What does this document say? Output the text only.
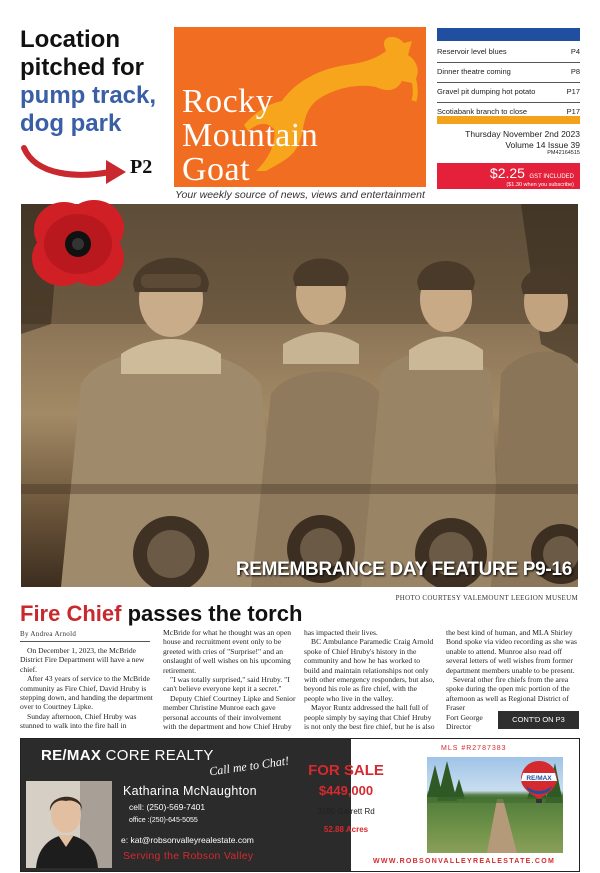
Location
pitched for
pump track,
dog park
P2
Rocky
Mountain
Goat
Your weekly source of news, views and entertainment
Reservoir level blues	P4
Dinner theatre coming	P8
Gravel pit dumping hot potato	P17
Scotiabank branch to close	P17
Thursday November 2nd 2023
Volume 14 Issue 39
PM42164515
$2.25 GST INCLUDED
($1.30 when you subscribe)
REMEMBRANCE DAY FEATURE P9-16
PHOTO COURTESY VALEMOUNT LEEGION MUSEUM
Fire Chief passes the torch
By Andrea Arnold

On December 1, 2023, the McBride District Fire Department will have a new chief.

After 43 years of service to the McBride community as Fire Chief, David Hruby is stepping down, and handing the department over to Courtney Lipke.

Sunday afternoon, Chief Hruby was stunned to walk into the fire hall in

McBride for what he thought was an open house and recruitment event only to be greeted with cries of "Surprise!" and an onslaught of well wishes on his upcoming retirement.

"I was totally surprised," said Hruby. "I can't believe everyone kept it a secret."

Deputy Chief Courtney Lipke and Senior member Christine Munroe each gave personal accounts of their involvement with the department and how Chief Hruby

has impacted their lives.

BC Ambulance Paramedic Craig Arnold spoke of Chief Hruby's history in the community and how he has worked to build and maintain relationships not only with other emergency responders, but also, beyond his role as fire chief, with the people who live in the valley.

Mayor Runtz addressed the hall full of people simply by saying that Chief Hruby is not only the best fire chief, but he is also

the best kind of human, and MLA Shirley Bond spoke via video recording as she was unable to attend. Munroe also read off several letters of well wishes from former department members unable to be present.

Several other fire chiefs from the area spoke during the open mic portion of the afternoon as well as Regional District of Fraser

Fort George

Director

CONT'D ON P3
RE/MAX CORE REALTY
Call me to Chat!
Katharina McNaughton
cell: (250)-569-7401
office :(250)-645-5055
e: kat@robsonvalleyrealestate.com
Serving the Robson Valley
FOR SALE
$449,000
3180 Garrett Rd
52.88 Acres
MLS #R2787383
RE/MAX
WWW.ROBSONVALLEYREALESTATE.COM
